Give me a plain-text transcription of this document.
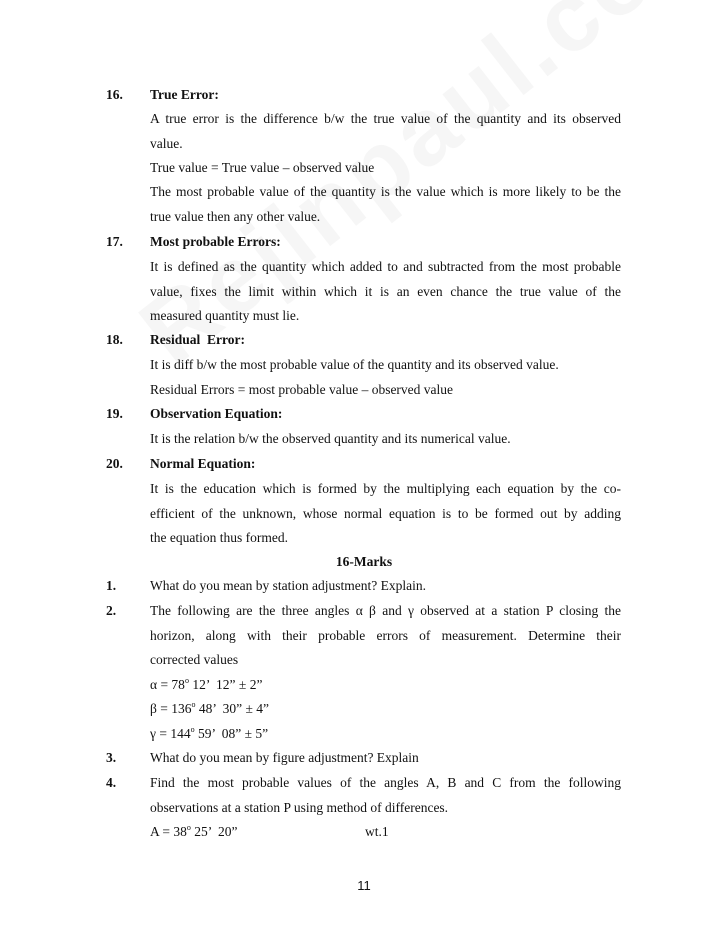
16. True Error:
A true error is the difference b/w the true value of the quantity and its observed
value.
True value = True value – observed value
The most probable value of the quantity is the value which is more likely to be the
true value then any other value.
17. Most probable Errors:
It is defined as the quantity which added to and subtracted from the most probable
value, fixes the limit within which it is an even chance the true value of the
measured quantity must lie.
18. Residual  Error:
It is diff b/w the most probable value of the quantity and its observed value.
Residual Errors = most probable value – observed value
19. Observation Equation:
It is the relation b/w the observed quantity and its numerical value.
20. Normal Equation:
It is the education which is formed by the multiplying each equation by the co-
efficient of the unknown, whose normal equation is to be formed out by adding
the equation thus formed.
16-Marks
1.	What do you mean by station adjustment? Explain.
2.	The following are the three angles α β and γ observed at a station P closing the
horizon, along with their probable errors of measurement. Determine their
corrected values
$\alpha = 78^o$ 12’  12” ± 2”
$\beta = 136^o$ 48’  30” ± 4”
$\gamma = 144^o$ 59’  08” ± 5”
3.	What do you mean by figure adjustment? Explain
4.	Find the most probable values of the angles A, B and C from the following
observations at a station P using method of differences.
$A = 38^o$ 25’  20”	wt.1
11
